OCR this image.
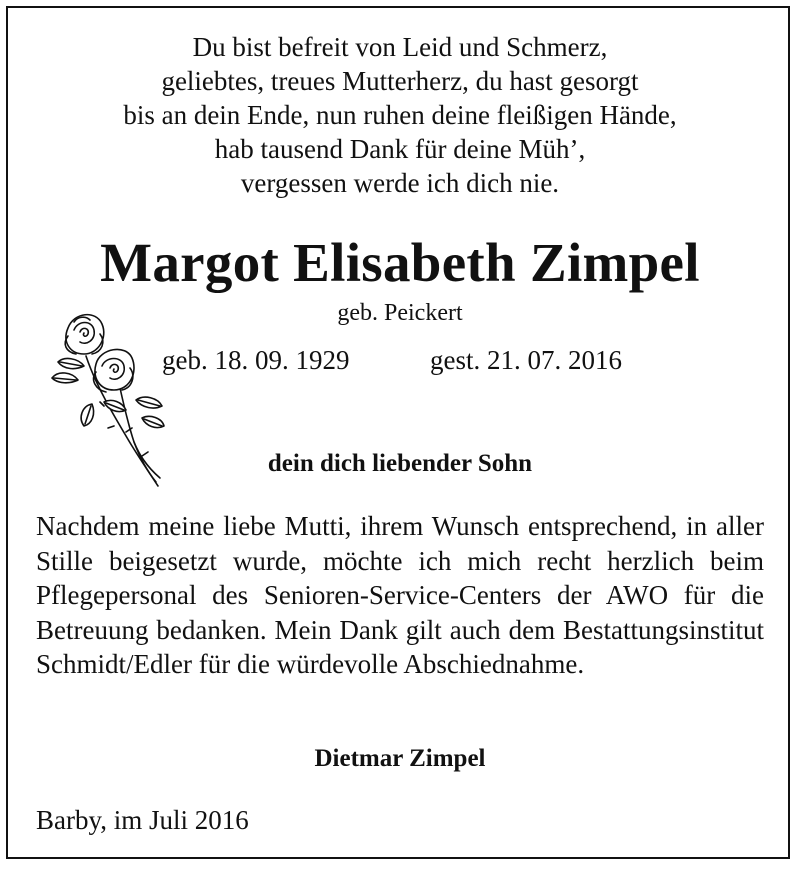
Du bist befreit von Leid und Schmerz,
geliebtes, treues Mutterherz, du hast gesorgt
bis an dein Ende, nun ruhen deine fleißigen Hände,
hab tausend Dank für deine Müh’,
vergessen werde ich dich nie.
Margot Elisabeth Zimpel
geb. Peickert
geb. 18. 09. 1929	gest. 21. 07. 2016
dein dich liebender Sohn
Nachdem meine liebe Mutti, ihrem Wunsch entsprechend, in aller Stille beigesetzt wurde, möchte ich mich recht herzlich beim Pflegepersonal des Senioren-Service-Centers der AWO für die Betreuung bedanken. Mein Dank gilt auch dem Bestattungsinstitut Schmidt/Edler für die würdevolle Abschiednahme.
Dietmar Zimpel
Barby, im Juli 2016
